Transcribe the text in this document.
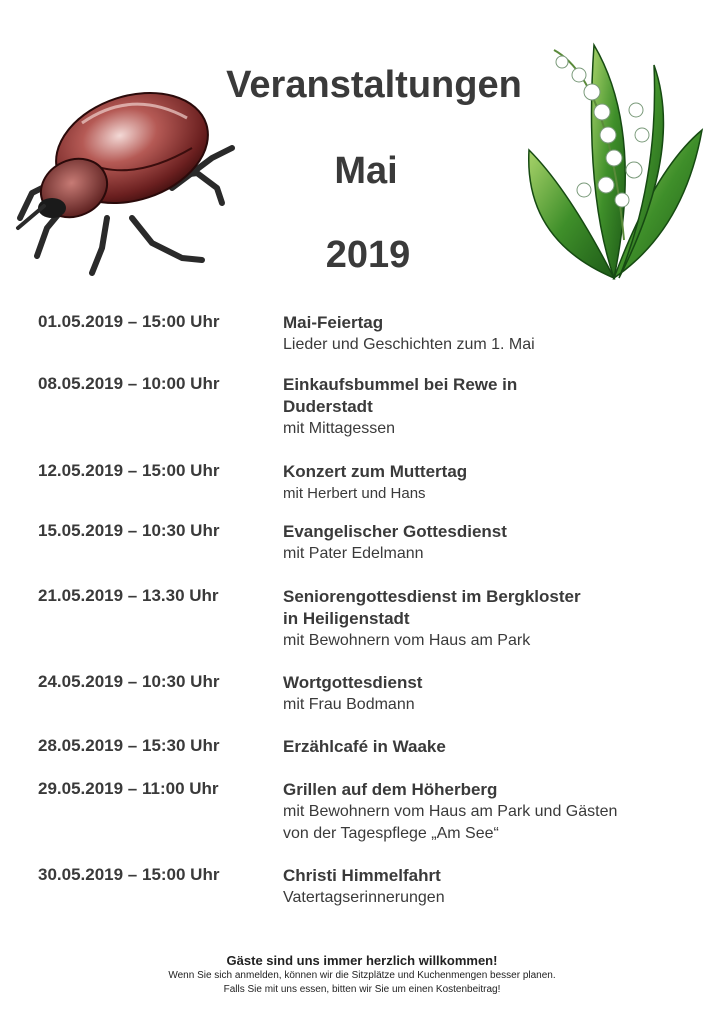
Veranstaltungen
Mai
2019
01.05.2019 – 15:00 Uhr	Mai-Feiertag
Lieder und Geschichten zum 1. Mai
08.05.2019 – 10:00 Uhr	Einkaufsbummel bei Rewe in
Duderstadt
mit Mittagessen
12.05.2019 – 15:00 Uhr	Konzert zum Muttertag
mit Herbert und Hans
15.05.2019 – 10:30 Uhr	Evangelischer Gottesdienst
mit Pater Edelmann
21.05.2019 – 13.30 Uhr	Seniorengottesdienst im Bergkloster
in Heiligenstadt
mit Bewohnern vom Haus am Park
24.05.2019 – 10:30 Uhr	Wortgottesdienst
mit Frau Bodmann
28.05.2019 – 15:30 Uhr	Erzählcafé in Waake
29.05.2019 – 11:00 Uhr	Grillen auf dem Höherberg
mit Bewohnern vom Haus am Park und Gästen
von der Tagespflege „Am See“
30.05.2019 – 15:00 Uhr	Christi Himmelfahrt
Vatertagserinnerungen
Gäste sind uns immer herzlich willkommen!
Wenn Sie sich anmelden, können wir die Sitzplätze und Kuchenmengen besser planen.
Falls Sie mit uns essen, bitten wir Sie um einen Kostenbeitrag!
